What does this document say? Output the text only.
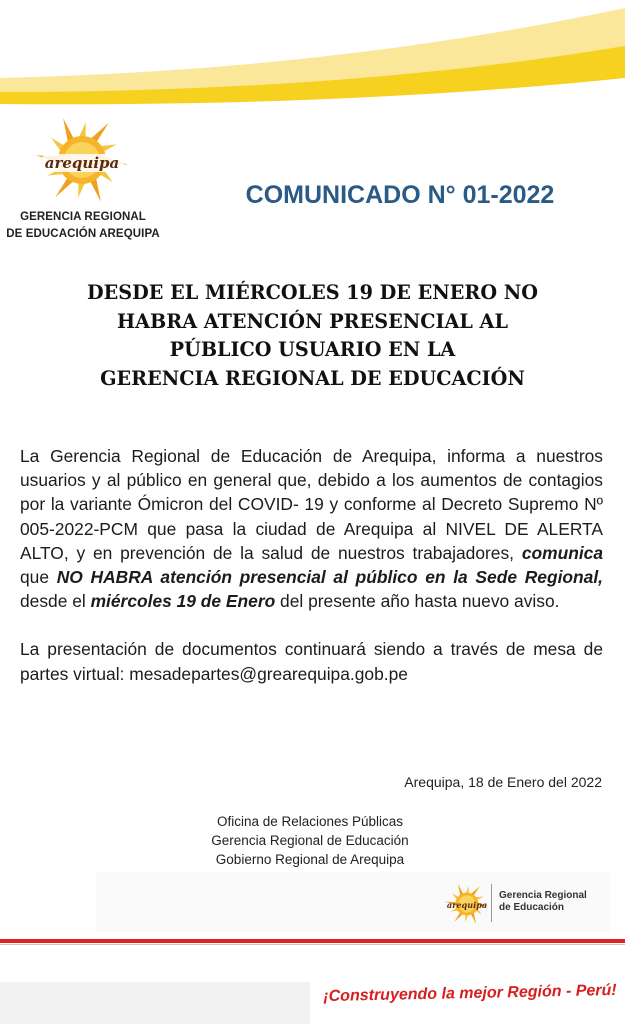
arequipa
GERENCIA REGIONAL
DE EDUCACIÓN AREQUIPA
COMUNICADO N° 01-2022
DESDE EL MIÉRCOLES 19 DE ENERO NO
HABRA ATENCIÓN PRESENCIAL AL
PÚBLICO USUARIO EN LA
GERENCIA REGIONAL DE EDUCACIÓN

La Gerencia Regional de Educación de Arequipa, informa a nuestros usuarios y al público en general que, debido a los aumentos de contagios por la variante Ómicron del COVID- 19 y conforme al Decreto Supremo Nº 005-2022-PCM que pasa la ciudad de Arequipa al NIVEL DE ALERTA ALTO, y en prevención de la salud de nuestros trabajadores, comunica que NO HABRA atención presencial al público en la Sede Regional, desde el miércoles 19 de Enero del presente año hasta nuevo aviso.

La presentación de documentos continuará siendo a través de mesa de partes virtual: mesadepartes@grearequipa.gob.pe

Arequipa, 18 de Enero del 2022
Oficina de Relaciones Públicas
Gerencia Regional de Educación
Gobierno Regional de Arequipa
arequipa
Gerencia Regional
de Educación
¡Construyendo la mejor Región - Perú!
